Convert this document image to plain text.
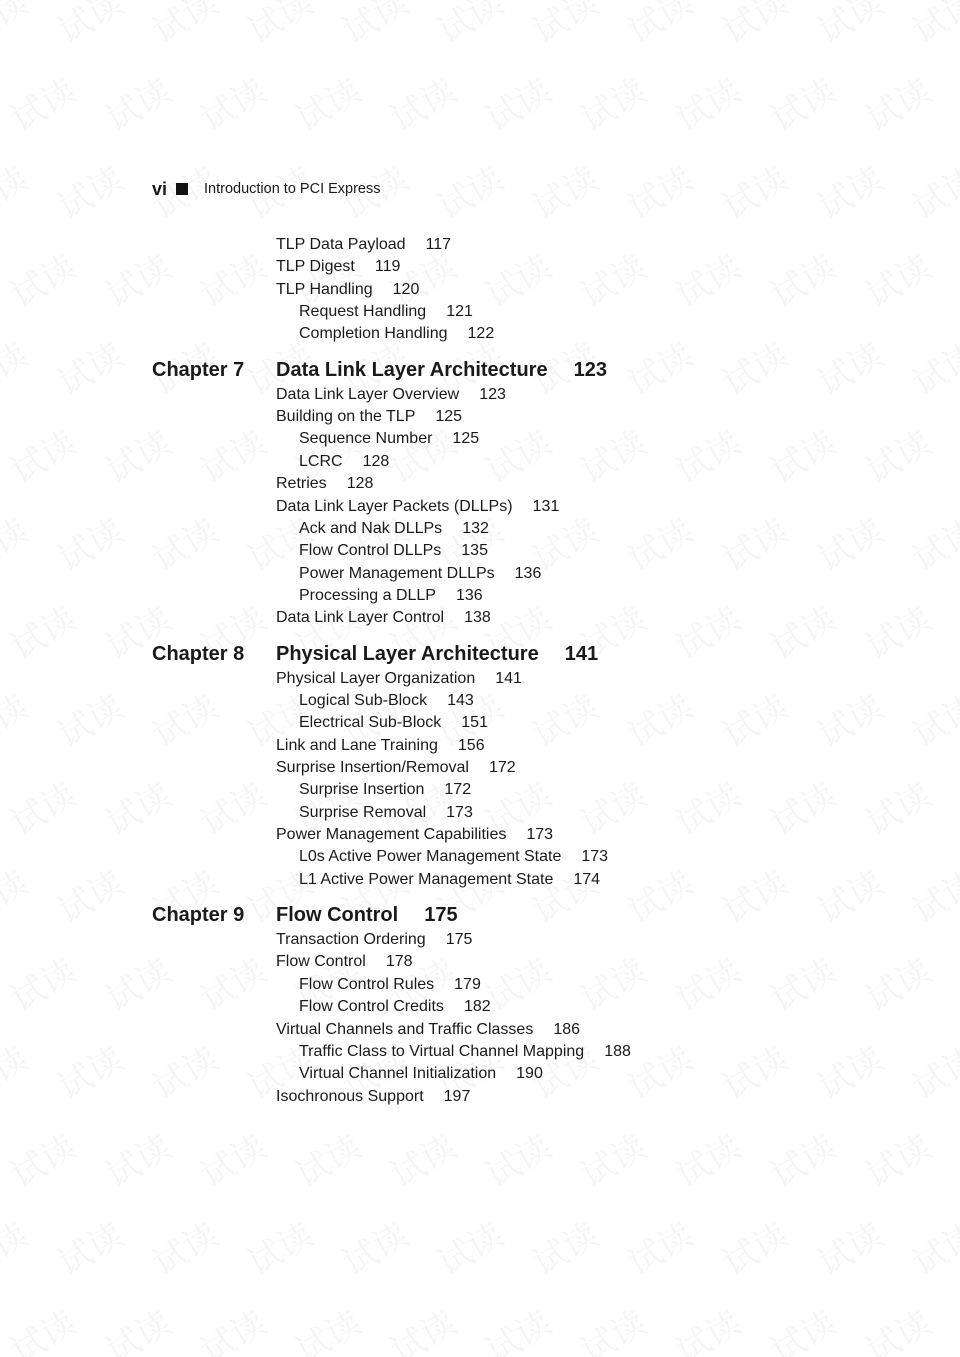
vi	Introduction to PCI Express
TLP Data Payload 117
TLP Digest 119
TLP Handling 120
Request Handling 121
Completion Handling 122
Chapter 7 Data Link Layer Architecture 123
Data Link Layer Overview 123
Building on the TLP 125
Sequence Number 125
LCRC 128
Retries 128
Data Link Layer Packets (DLLPs) 131
Ack and Nak DLLPs 132
Flow Control DLLPs 135
Power Management DLLPs 136
Processing a DLLP 136
Data Link Layer Control 138
Chapter 8 Physical Layer Architecture 141
Physical Layer Organization 141
Logical Sub-Block 143
Electrical Sub-Block 151
Link and Lane Training 156
Surprise Insertion/Removal 172
Surprise Insertion 172
Surprise Removal 173
Power Management Capabilities 173
L0s Active Power Management State 173
L1 Active Power Management State 174
Chapter 9 Flow Control 175
Transaction Ordering 175
Flow Control 178
Flow Control Rules 179
Flow Control Credits 182
Virtual Channels and Traffic Classes 186
Traffic Class to Virtual Channel Mapping 188
Virtual Channel Initialization 190
Isochronous Support 197
